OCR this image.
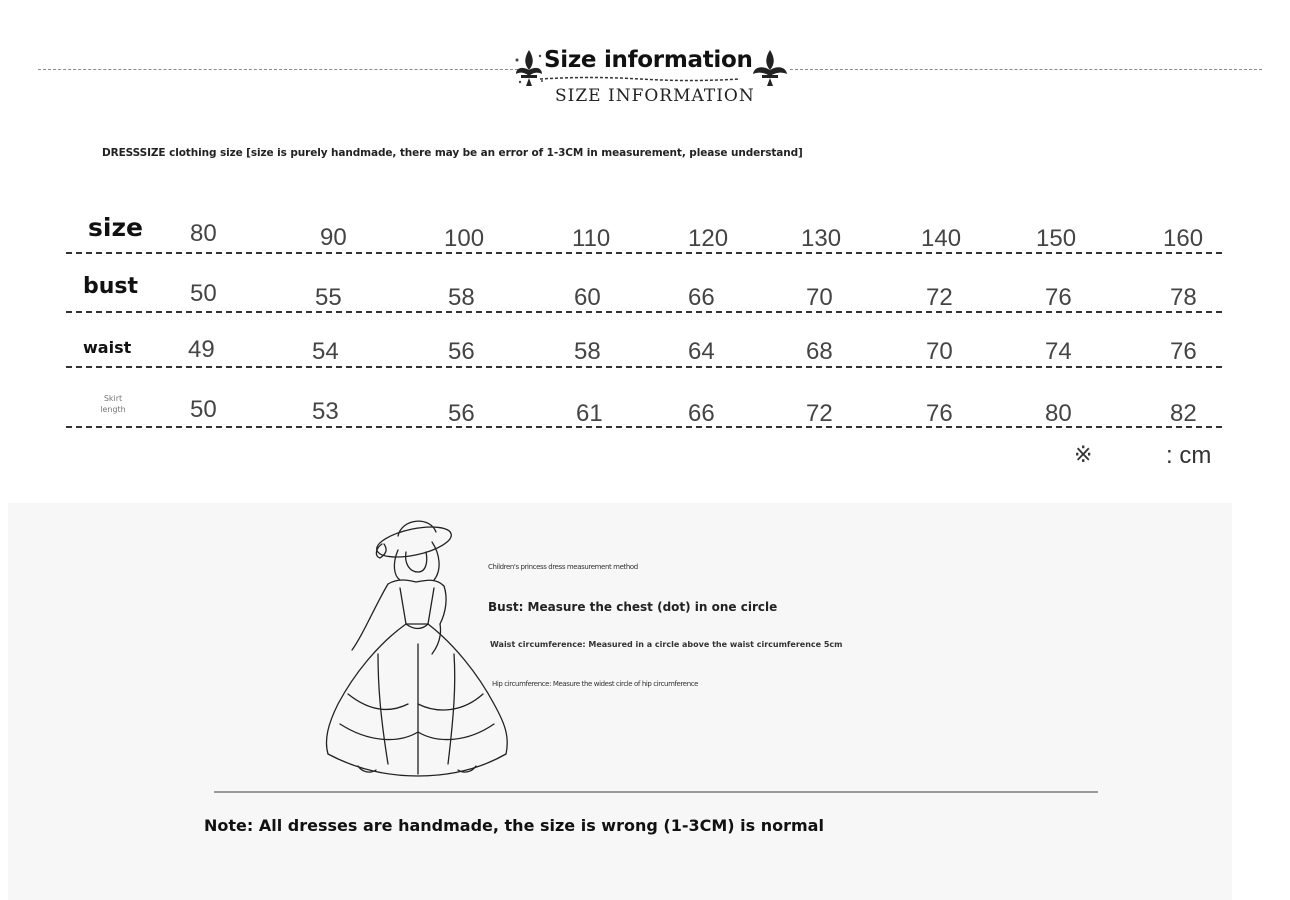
Size information
SIZE INFORMATION
DRESSSIZE clothing size [size is purely handmade, there may be an error of 1-3CM in measurement, please understand]
size 80	90	100	110	120	130	140	150	160
bust 50	55	58	60	66	70	72	76	78
waist 49	54	56	58	64	68	70	74	76
Skirt
length	50	53	56	61	66	72	76	80	82
※	: cm
Children's princess dress measurement method
Bust: Measure the chest (dot) in one circle
Waist circumference: Measured in a circle above the waist circumference 5cm
Hip circumference: Measure the widest circle of hip circumference
Note: All dresses are handmade, the size is wrong (1-3CM) is normal
